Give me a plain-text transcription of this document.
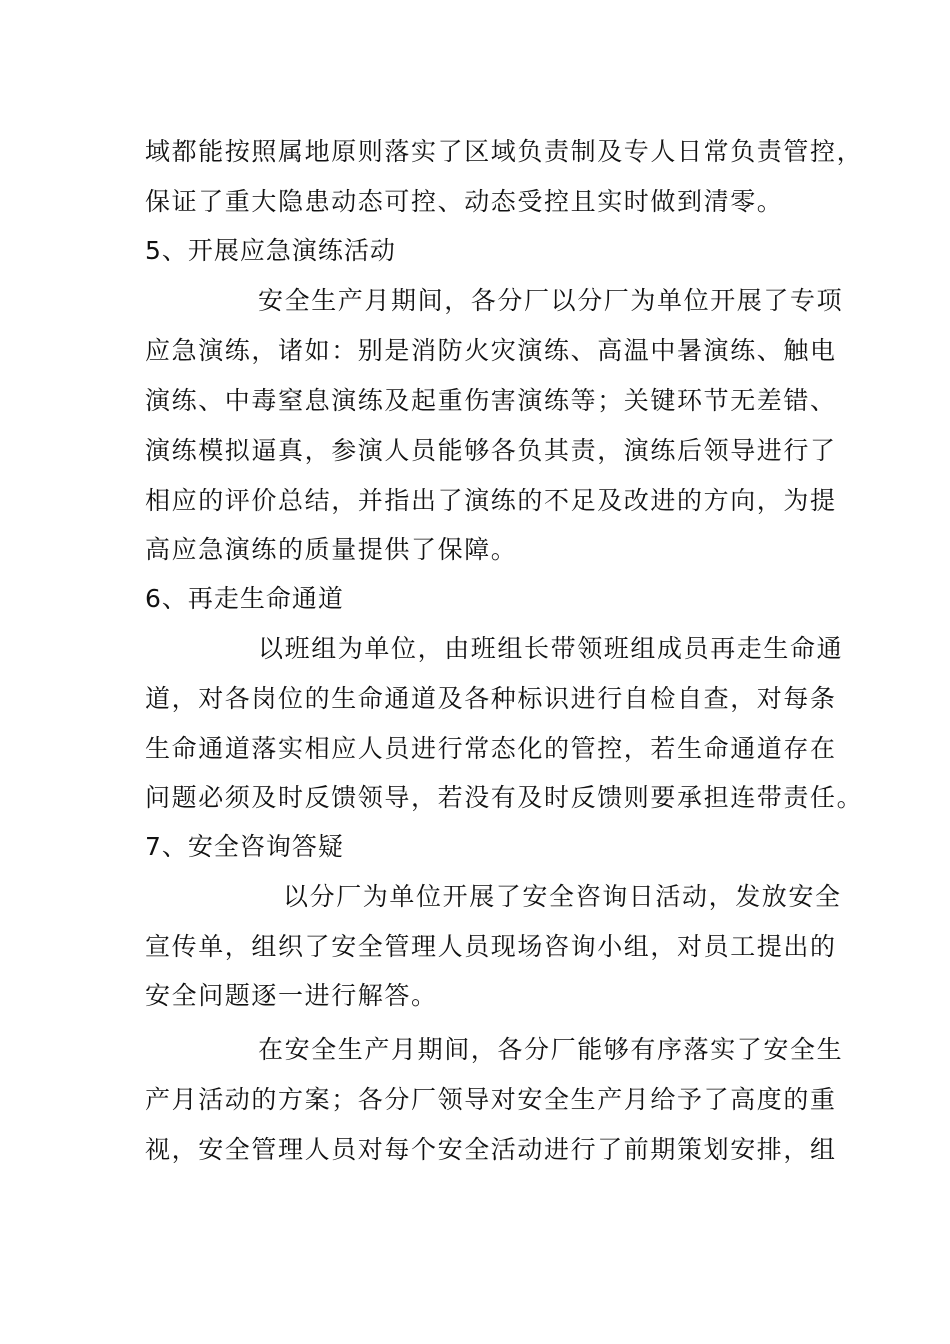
域都能按照属地原则落实了区域负责制及专人日常负责管控，
保证了重大隐患动态可控、动态受控且实时做到清零。
5、开展应急演练活动
安全生产月期间，各分厂以分厂为单位开展了专项
应急演练，诸如：别是消防火灾演练、高温中暑演练、触电
演练、中毒窒息演练及起重伤害演练等；关键环节无差错、
演练模拟逼真，参演人员能够各负其责，演练后领导进行了
相应的评价总结，并指出了演练的不足及改进的方向，为提
高应急演练的质量提供了保障。
6、再走生命通道
以班组为单位，由班组长带领班组成员再走生命通
道，对各岗位的生命通道及各种标识进行自检自查，对每条
生命通道落实相应人员进行常态化的管控，若生命通道存在
问题必须及时反馈领导，若没有及时反馈则要承担连带责任。
7、安全咨询答疑
以分厂为单位开展了安全咨询日活动，发放安全
宣传单，组织了安全管理人员现场咨询小组，对员工提出的
安全问题逐一进行解答。
在安全生产月期间，各分厂能够有序落实了安全生
产月活动的方案；各分厂领导对安全生产月给予了高度的重
视，安全管理人员对每个安全活动进行了前期策划安排，组
